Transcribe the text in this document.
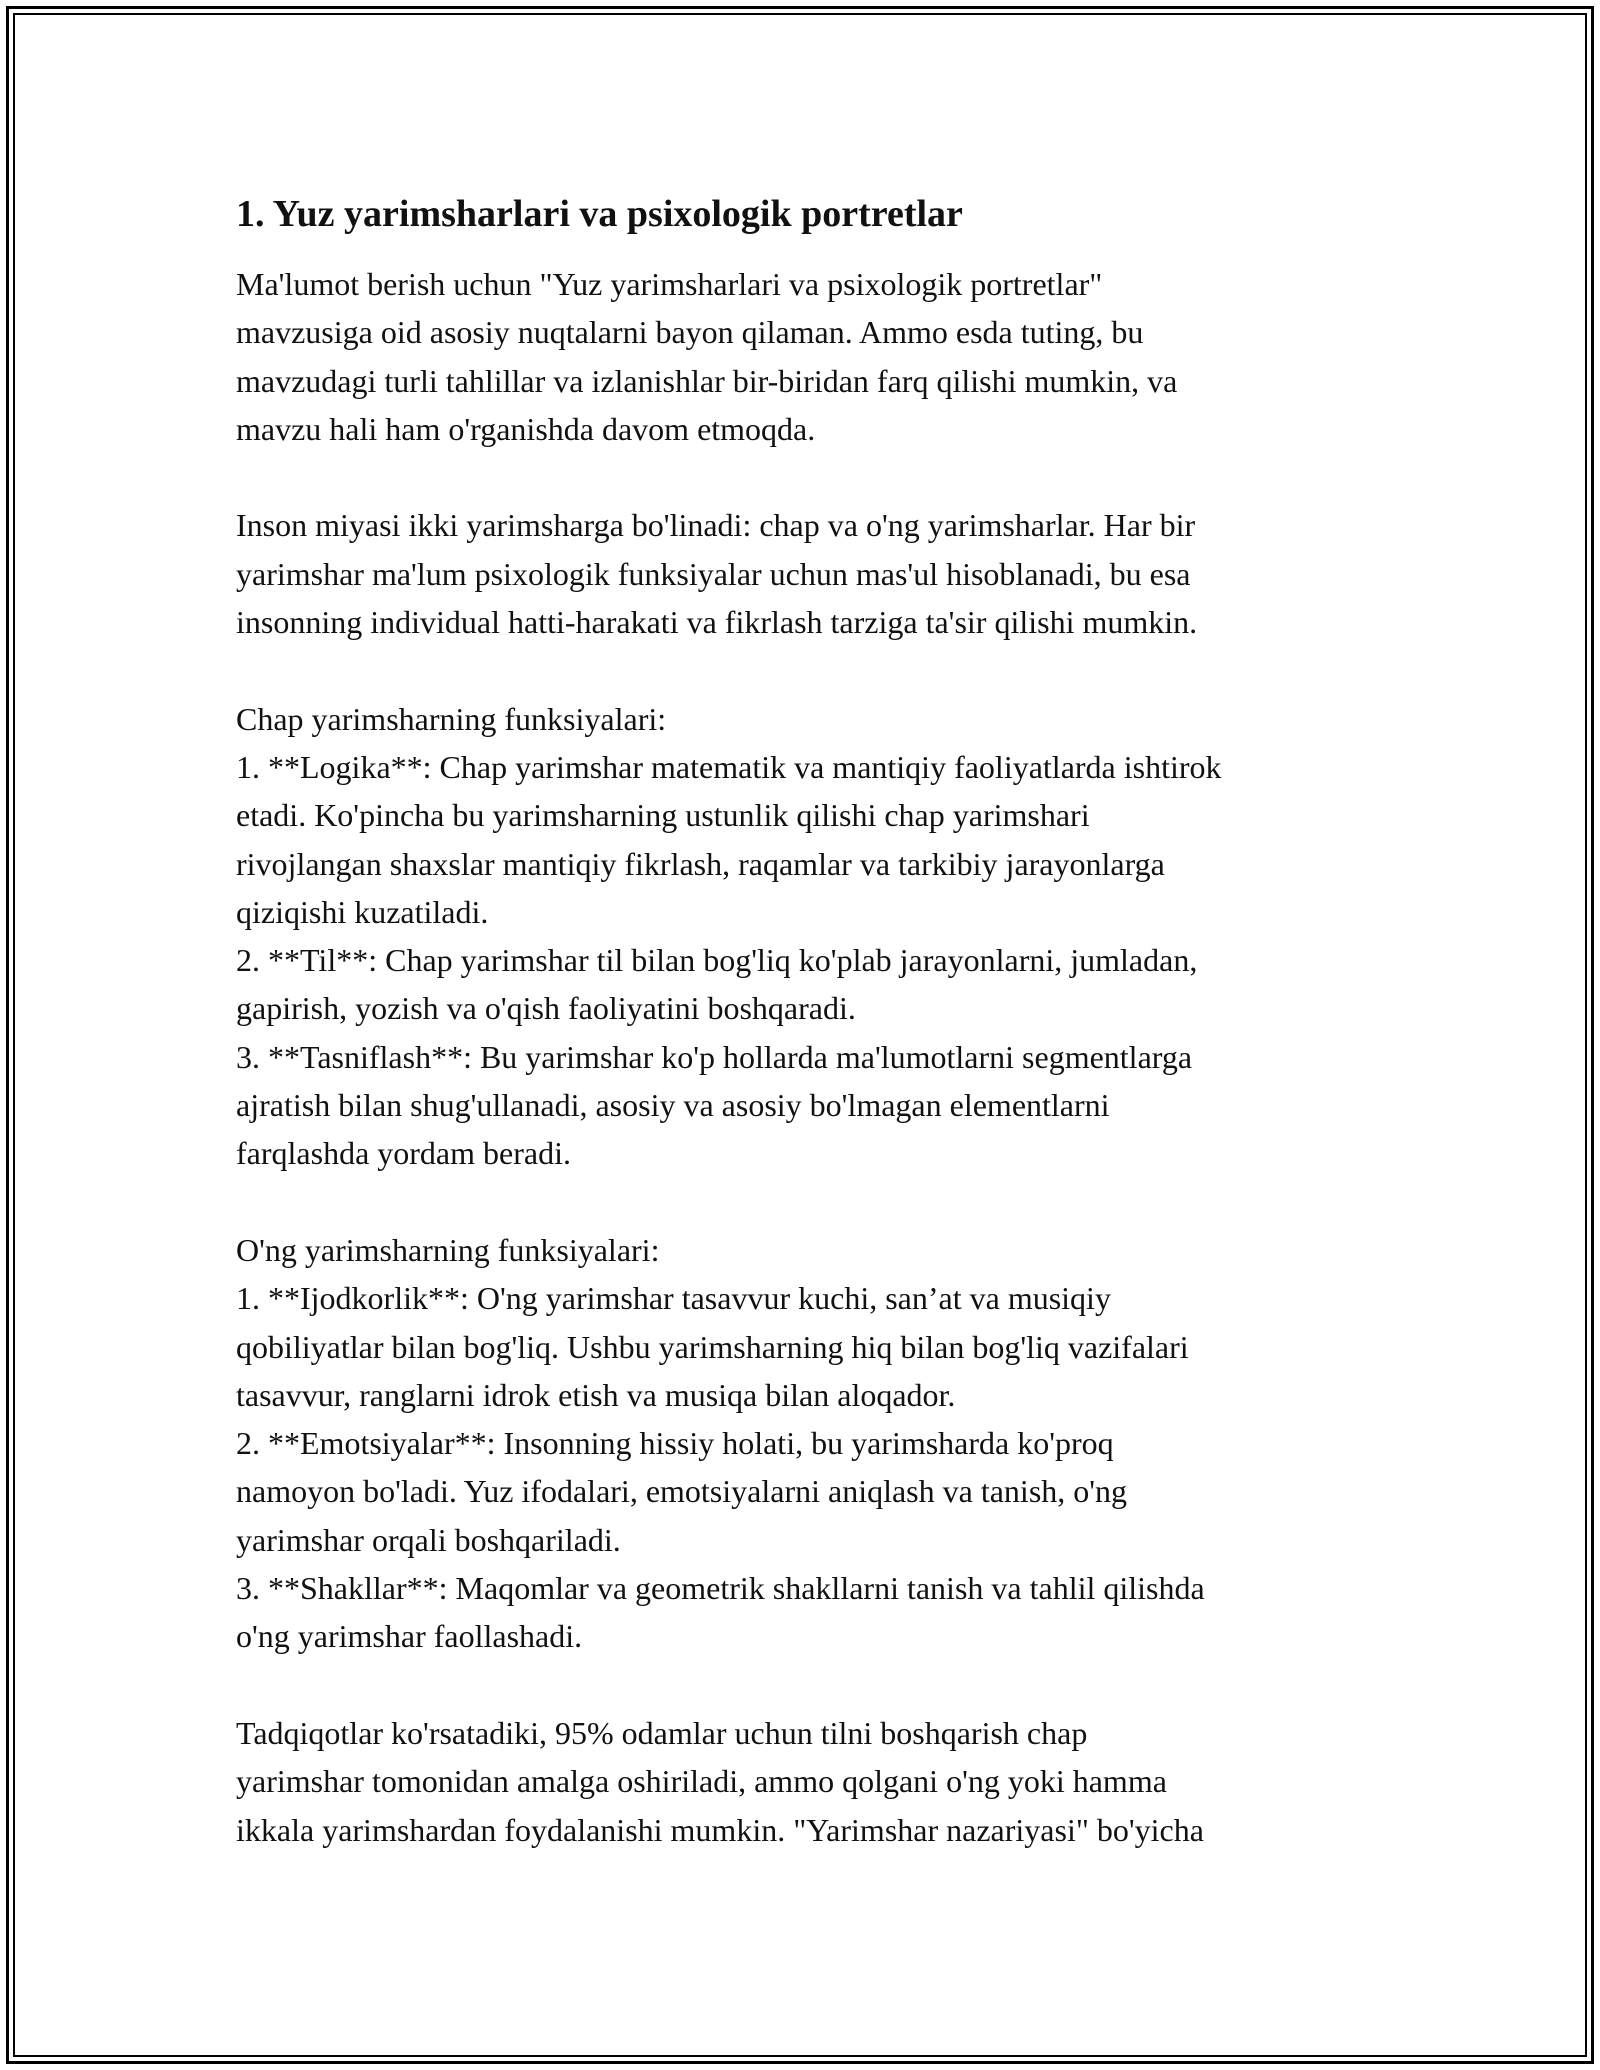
1. Yuz yarimsharlari va psixologik portretlar

Ma'lumot berish uchun "Yuz yarimsharlari va psixologik portretlar"
mavzusiga oid asosiy nuqtalarni bayon qilaman. Ammo esda tuting, bu
mavzudagi turli tahlillar va izlanishlar bir-biridan farq qilishi mumkin, va
mavzu hali ham o'rganishda davom etmoqda.

Inson miyasi ikki yarimsharga bo'linadi: chap va o'ng yarimsharlar. Har bir
yarimshar ma'lum psixologik funksiyalar uchun mas'ul hisoblanadi, bu esa
insonning individual hatti-harakati va fikrlash tarziga ta'sir qilishi mumkin.

Chap yarimsharning funksiyalari:
1. **Logika**: Chap yarimshar matematik va mantiqiy faoliyatlarda ishtirok
etadi. Ko'pincha bu yarimsharning ustunlik qilishi chap yarimshari
rivojlangan shaxslar mantiqiy fikrlash, raqamlar va tarkibiy jarayonlarga
qiziqishi kuzatiladi.
2. **Til**: Chap yarimshar til bilan bog'liq ko'plab jarayonlarni, jumladan,
gapirish, yozish va o'qish faoliyatini boshqaradi.
3. **Tasniflash**: Bu yarimshar ko'p hollarda ma'lumotlarni segmentlarga
ajratish bilan shug'ullanadi, asosiy va asosiy bo'lmagan elementlarni
farqlashda yordam beradi.
O'ng yarimsharning funksiyalari:
1. **Ijodkorlik**: O'ng yarimshar tasavvur kuchi, san’at va musiqiy
qobiliyatlar bilan bog'liq. Ushbu yarimsharning hiq bilan bog'liq vazifalari
tasavvur, ranglarni idrok etish va musiqa bilan aloqador.
2. **Emotsiyalar**: Insonning hissiy holati, bu yarimsharda ko'proq
namoyon bo'ladi. Yuz ifodalari, emotsiyalarni aniqlash va tanish, o'ng
yarimshar orqali boshqariladi.
3. **Shakllar**: Maqomlar va geometrik shakllarni tanish va tahlil qilishda
o'ng yarimshar faollashadi.

Tadqiqotlar ko'rsatadiki, 95% odamlar uchun tilni boshqarish chap
yarimshar tomonidan amalga oshiriladi, ammo qolgani o'ng yoki hamma
ikkala yarimshardan foydalanishi mumkin. "Yarimshar nazariyasi" bo'yicha
